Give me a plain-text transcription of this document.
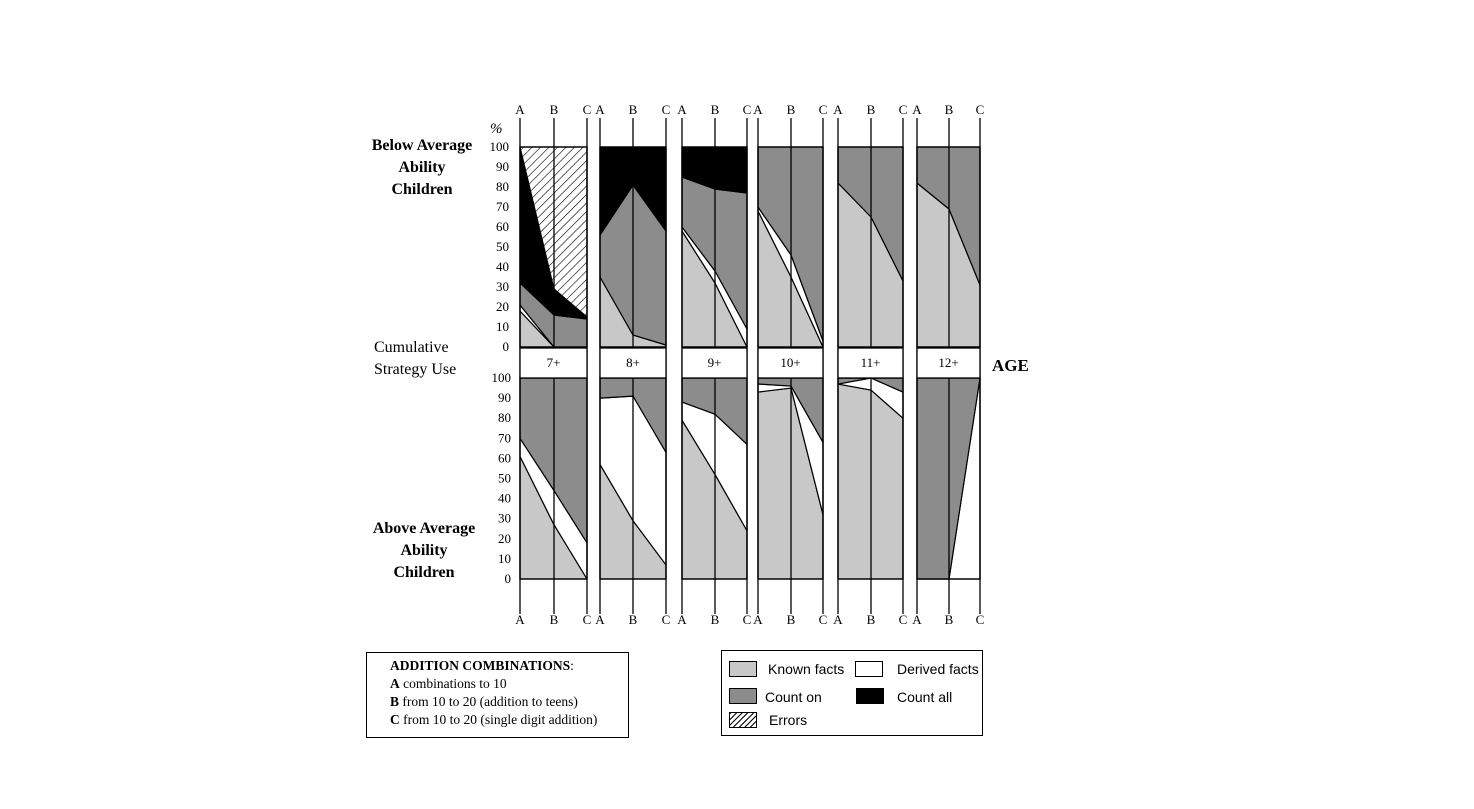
7+	8+	9+	10+	11+	12+
A
A
B
B
C
C
A
A
B
B
C
C
A
A
B
B
C
C
A
A
B
B
C
C
A
A
B
B
C
C
A
A
B
B
C
C
0
0
10
10
20
20
30
30
40
40
50
50
60
60
70
70
80
80
90
90
100
100
Below Average
Ability
Children
Cumulative
Strategy Use
Above Average
Ability
Children
AGE
%
ADDITION COMBINATIONS:
A combinations to 10
B from 10 to 20 (addition to teens)
C from 10 to 20 (single digit addition)
Known facts	Derived facts
Count on	Count all
Errors
